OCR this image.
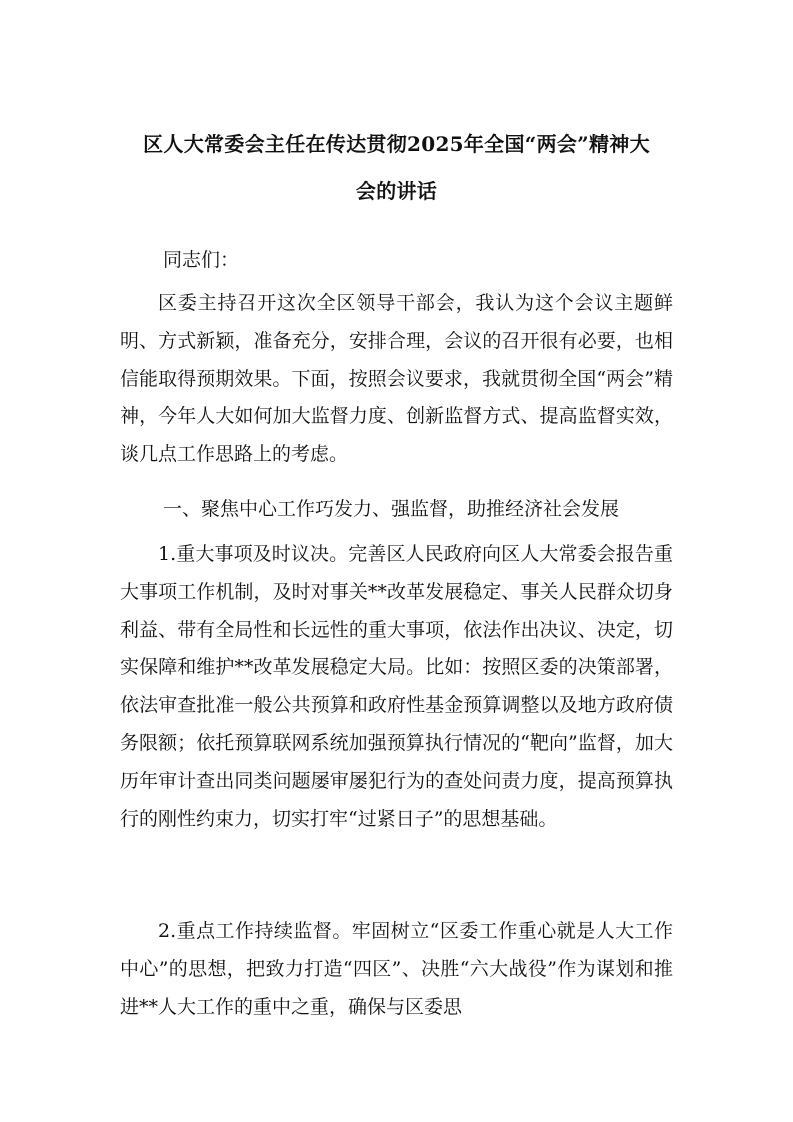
区人大常委会主任在传达贯彻2025年全国“两会”精神大
会的讲话
同志们：

区委主持召开这次全区领导干部会，我认为这个会议主题鲜明、方式新颖，准备充分，安排合理，会议的召开很有必要，也相信能取得预期效果。下面，按照会议要求，我就贯彻全国“两会”精神，今年人大如何加大监督力度、创新监督方式、提高监督实效，谈几点工作思路上的考虑。

一、聚焦中心工作巧发力、强监督，助推经济社会发展

1.重大事项及时议决。完善区人民政府向区人大常委会报告重大事项工作机制，及时对事关**改革发展稳定、事关人民群众切身利益、带有全局性和长远性的重大事项，依法作出决议、决定，切实保障和维护**改革发展稳定大局。比如：按照区委的决策部署，依法审查批准一般公共预算和政府性基金预算调整以及地方政府债务限额；依托预算联网系统加强预算执行情况的“靶向”监督，加大历年审计查出同类问题屡审屡犯行为的查处问责力度，提高预算执行的刚性约束力，切实打牢“过紧日子”的思想基础。

2.重点工作持续监督。牢固树立“区委工作重心就是人大工作中心”的思想，把致力打造“四区”、决胜“六大战役”作为谋划和推进**人大工作的重中之重，确保与区委思
